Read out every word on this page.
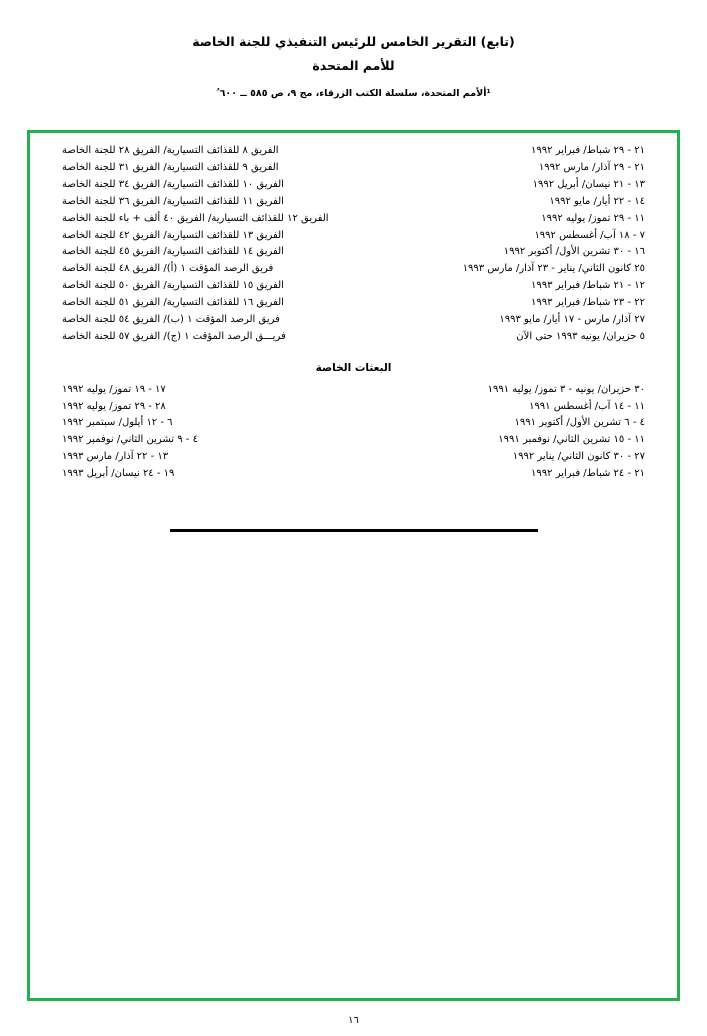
(تابع) التقرير الخامس للرئيس التنفيذي للجنة الخاصة
للأمم المتحدة
¹ألأمم المتحدة، سلسلة الكتب الزرقاء، مج ٩، ص ٥٨٥ ــ ٦٠٠ ُ
٢١ - ٢٩ شباط/ فبراير ١٩٩٢	الفريق ٨ للقذائف التسيارية/ الفريق ٢٨ للجنة الخاصة
٢١ - ٢٩ آذار/ مارس ١٩٩٢	الفريق ٩ للقذائف التسيارية/ الفريق ٣١ للجنة الخاصة
١٣ - ٢١ نيسان/ أبريل ١٩٩٢	الفريق ١٠ للقذائف التسيارية/ الفريق ٣٤ للجنة الخاصة
١٤ - ٢٢ أيار/ مايو ١٩٩٢	الفريق ١١ للقذائف التسيارية/ الفريق ٣٦ للجنة الخاصة
١١ - ٢٩ تموز/ يوليه ١٩٩٢	الفريق ١٢ للقذائف التسيارية/ الفريق ٤٠ ألف + باء للجنة الخاصة
٧ - ١٨ آب/ أغسطس ١٩٩٢	الفريق ١٣ للقذائف التسيارية/ الفريق ٤٢ للجنة الخاصة
١٦ - ٣٠ تشرين الأول/ أكتوبر ١٩٩٢	الفريق ١٤ للقذائف التسيارية/ الفريق ٤٥ للجنة الخاصة
٢٥ كانون الثاني/ يناير - ٢٣ آذار/ مارس ١٩٩٣	فريق الرصد المؤقت ١ (أ)/ الفريق ٤٨ للجنة الخاصة
١٢ - ٢١ شباط/ فبراير ١٩٩٣	الفريق ١٥ للقذائف التسيارية/ الفريق ٥٠ للجنة الخاصة
٢٢ - ٢٣ شباط/ فبراير ١٩٩٣	الفريق ١٦ للقذائف التسيارية/ الفريق ٥١ للجنة الخاصة
٢٧ آذار/ مارس - ١٧ أيار/ مايو ١٩٩٣	فريق الرصد المؤقت ١ (ب)/ الفريق ٥٤ للجنة الخاصة
٥ حزيران/ يونيه ١٩٩٣ حتى الآن	فريـــق الرصد المؤقت ١ (ج)/ الفريق ٥٧ للجنة الخاصة
البعثات الخاصة
٣٠ حزيران/ يونيه - ٣ تموز/ يوليه ١٩٩١	١٧ - ١٩ تموز/ يوليه ١٩٩٢
١١ - ١٤ آب/ أغسطس ١٩٩١	٢٨ - ٢٩ تموز/ يوليه ١٩٩٢
٤ - ٦ تشرين الأول/ أكتوبر ١٩٩١	٦ - ١٢ أيلول/ سبتمبر ١٩٩٢
١١ - ١٥ تشرين الثاني/ نوفمبر ١٩٩١	٤ - ٩ تشرين الثاني/ نوفمبر ١٩٩٢
٢٧ - ٣٠ كانون الثاني/ يناير ١٩٩٢	١٣ - ٢٢ آذار/ مارس ١٩٩٣
٢١ - ٢٤ شباط/ فبراير ١٩٩٢	١٩ - ٢٤ نيسان/ أبريل ١٩٩٣
١٦
